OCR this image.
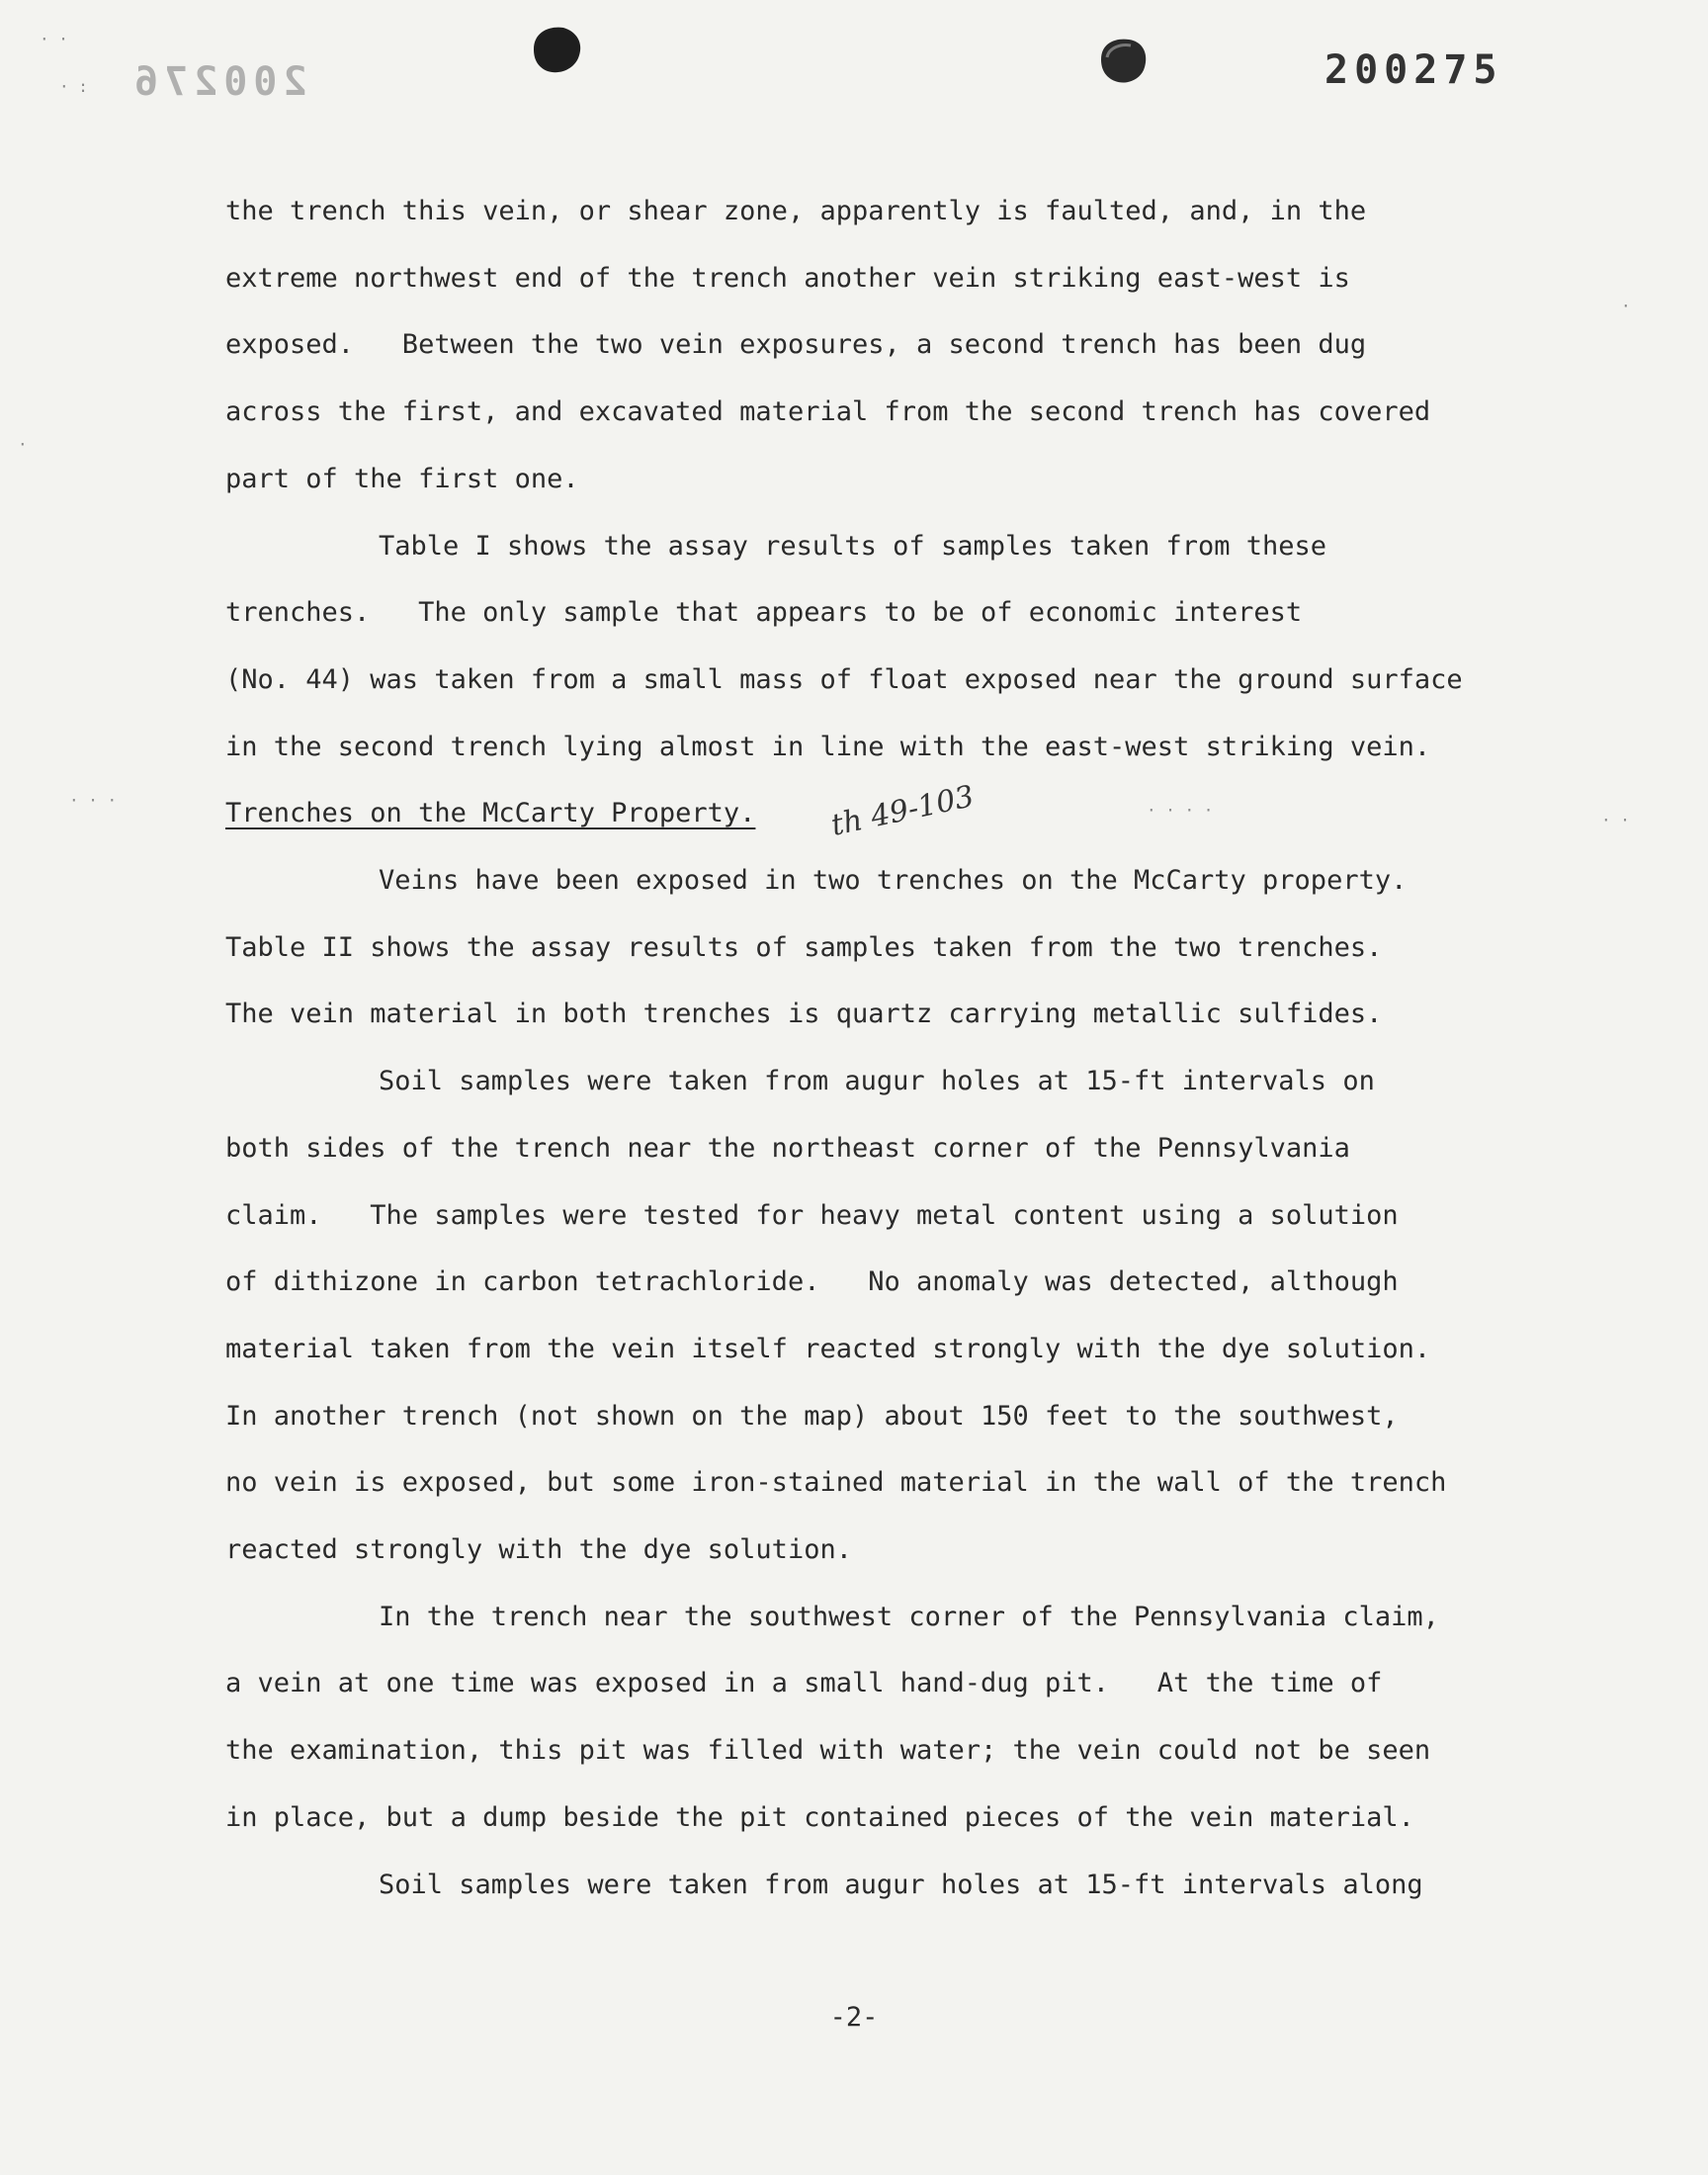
200276	200275
· ·
· :
·
· · ·
·
· ·
· · · ·

the trench this vein, or shear zone, apparently is faulted, and, in the

extreme northwest end of the trench another vein striking east-west is

exposed.   Between the two vein exposures, a second trench has been dug

across the first, and excavated material from the second trench has covered

part of the first one.

Table I shows the assay results of samples taken from these

trenches.   The only sample that appears to be of economic interest

(No. 44) was taken from a small mass of float exposed near the ground surface

in the second trench lying almost in line with the east-west striking vein.

Trenches on the McCarty Property. th 49-103

Veins have been exposed in two trenches on the McCarty property.

Table II shows the assay results of samples taken from the two trenches.

The vein material in both trenches is quartz carrying metallic sulfides.

Soil samples were taken from augur holes at 15-ft intervals on

both sides of the trench near the northeast corner of the Pennsylvania

claim.   The samples were tested for heavy metal content using a solution

of dithizone in carbon tetrachloride.   No anomaly was detected, although

material taken from the vein itself reacted strongly with the dye solution.

In another trench (not shown on the map) about 150 feet to the southwest,

no vein is exposed, but some iron-stained material in the wall of the trench

reacted strongly with the dye solution.

In the trench near the southwest corner of the Pennsylvania claim,

a vein at one time was exposed in a small hand-dug pit.   At the time of

the examination, this pit was filled with water; the vein could not be seen

in place, but a dump beside the pit contained pieces of the vein material.

Soil samples were taken from augur holes at 15-ft intervals along

-2-
